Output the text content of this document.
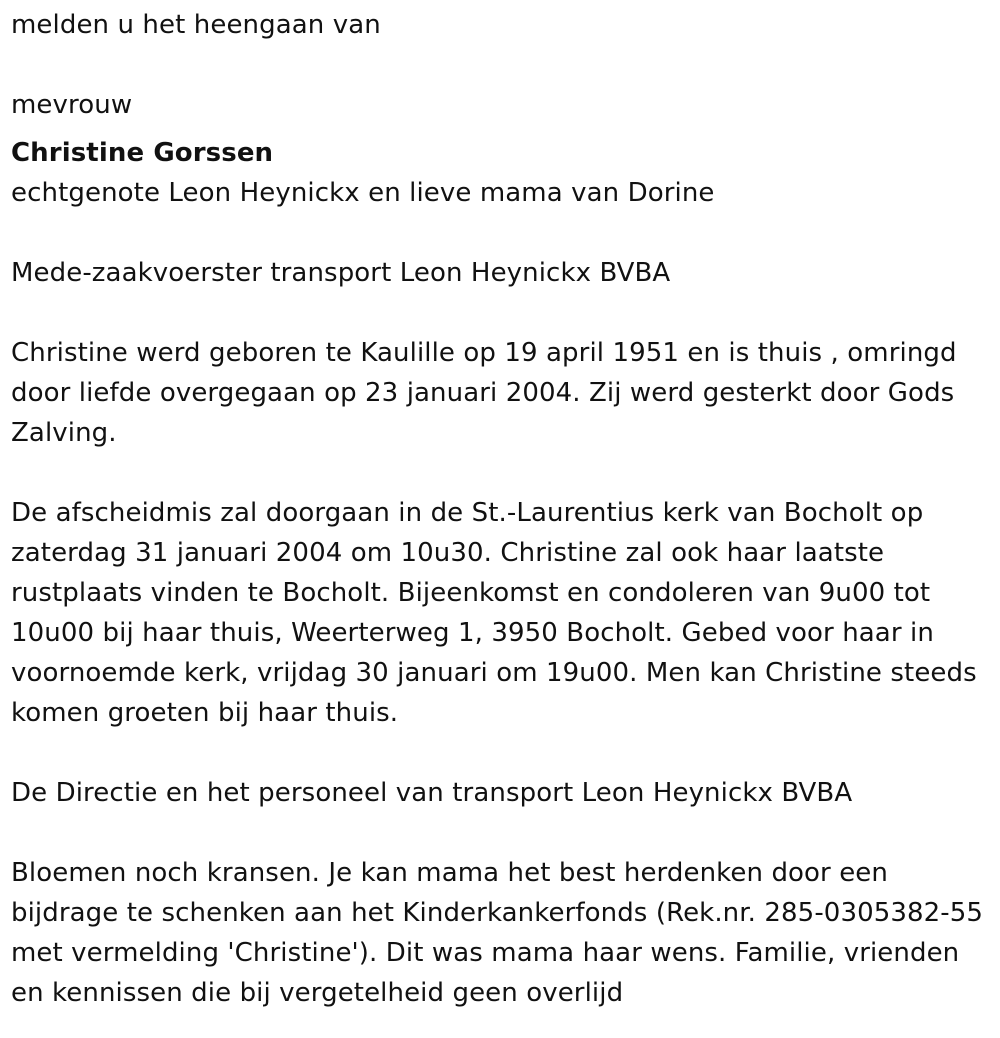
melden u het heengaan van

mevrouw

Christine Gorssen

echtgenote Leon Heynickx en lieve mama van Dorine

Mede-zaakvoerster transport Leon Heynickx BVBA

Christine werd geboren te Kaulille op 19 april 1951 en is thuis , omringd door liefde overgegaan op 23 januari 2004. Zij werd gesterkt door Gods Zalving.

De afscheidmis zal doorgaan in de St.-Laurentius kerk van Bocholt op zaterdag 31 januari 2004 om 10u30. Christine zal ook haar laatste rustplaats vinden te Bocholt. Bijeenkomst en condoleren van 9u00 tot 10u00 bij haar thuis, Weerterweg 1, 3950 Bocholt. Gebed voor haar in voornoemde kerk, vrijdag 30 januari om 19u00. Men kan Christine steeds komen groeten bij haar thuis.

De Directie en het personeel van transport Leon Heynickx BVBA

Bloemen noch kransen. Je kan mama het best herdenken door een bijdrage te schenken aan het Kinderkankerfonds (Rek.nr. 285-0305382-55 met vermelding 'Christine'). Dit was mama haar wens. Familie, vrienden en kennissen die bij vergetelheid geen overlijd
